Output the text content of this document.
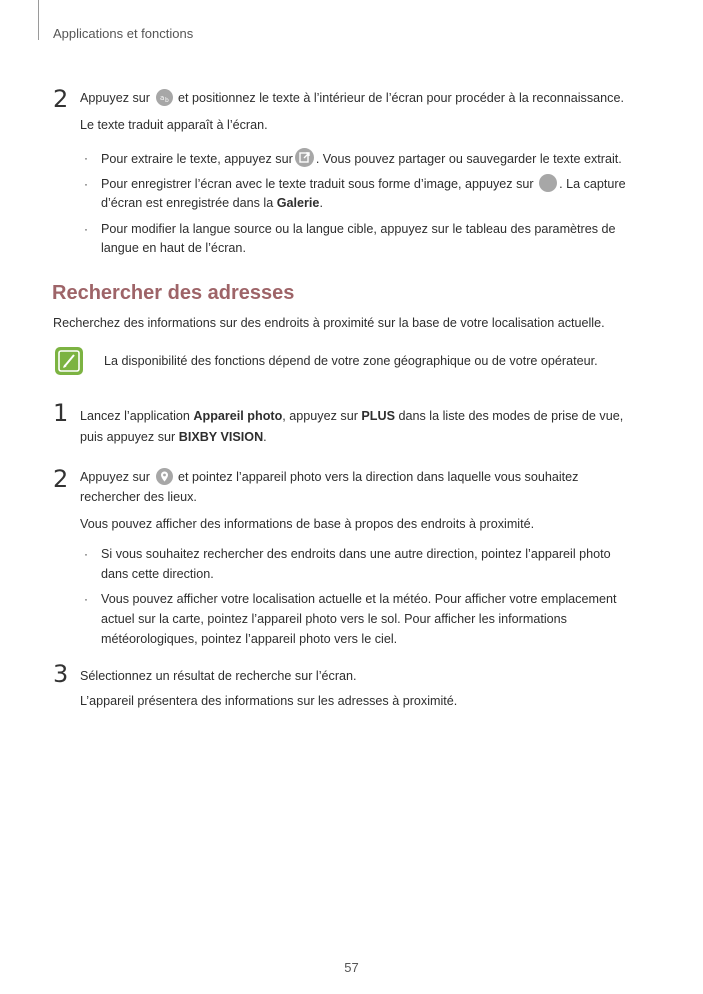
Applications et fonctions
2 Appuyez sur a b et positionnez le texte à l’intérieur de l’écran pour procéder à la reconnaissance.
Le texte traduit apparaît à l’écran.
· Pour extraire le texte, appuyez sur . Vous pouvez partager ou sauvegarder le texte extrait.
· Pour enregistrer l’écran avec le texte traduit sous forme d’image, appuyez sur . La capture
d’écran est enregistrée dans la Galerie.
· Pour modifier la langue source ou la langue cible, appuyez sur le tableau des paramètres de
langue en haut de l’écran.
Rechercher des adresses
Recherchez des informations sur des endroits à proximité sur la base de votre localisation actuelle.
La disponibilité des fonctions dépend de votre zone géographique ou de votre opérateur.
1 Lancez l’application Appareil photo, appuyez sur PLUS dans la liste des modes de prise de vue,
puis appuyez sur BIXBY VISION.
2 Appuyez sur et pointez l’appareil photo vers la direction dans laquelle vous souhaitez
rechercher des lieux.
Vous pouvez afficher des informations de base à propos des endroits à proximité.
· Si vous souhaitez rechercher des endroits dans une autre direction, pointez l’appareil photo
dans cette direction.
· Vous pouvez afficher votre localisation actuelle et la météo. Pour afficher votre emplacement
actuel sur la carte, pointez l’appareil photo vers le sol. Pour afficher les informations
météorologiques, pointez l’appareil photo vers le ciel.
3 Sélectionnez un résultat de recherche sur l’écran.
L’appareil présentera des informations sur les adresses à proximité.
57
